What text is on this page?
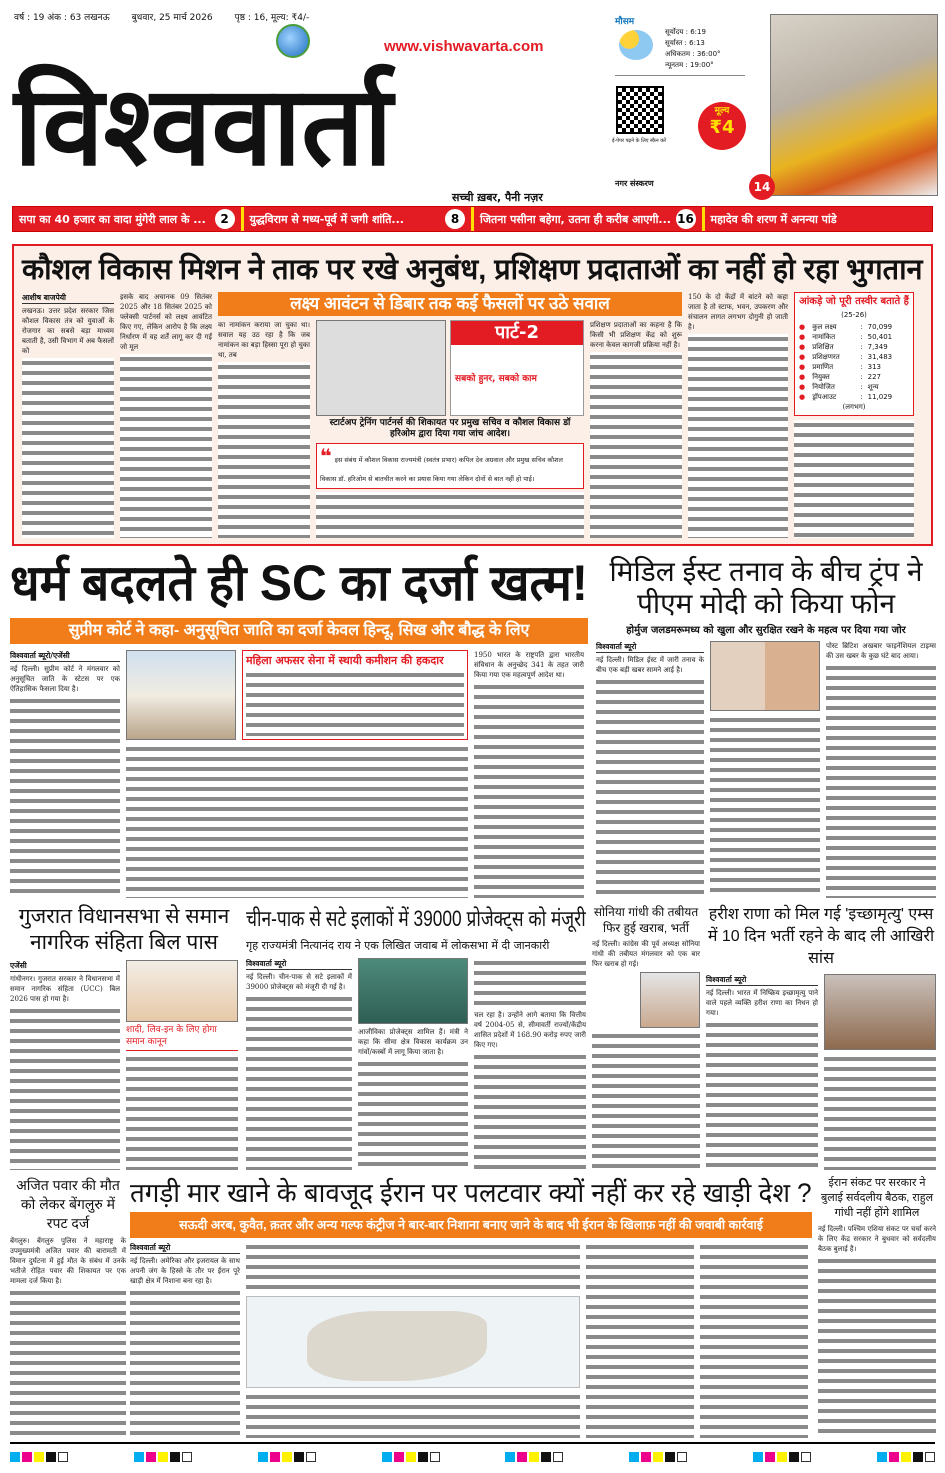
वर्ष : 19 अंक : 63 लखनऊ बुधवार, 25 मार्च 2026 पृष्ठ : 16, मूल्य: ₹4/-
www.vishwavarta.com
विश्ववार्ता
सच्ची ख़बर, पैनी नज़र
मौसम
सूर्योदय : 6:19
सूर्यास्त : 6:13
अधिकतम : 36:00°
न्यूनतम : 19:00°
ई-पेपर पढ़ने के लिए स्कैन करें
मूल्य
₹4
नगर संस्करण	14
सपा का 40 हजार का वादा मुंगेरी लाल के ...	2	युद्धविराम से मध्य-पूर्व में जगी शांति...	8	जितना पसीना बहेगा, उतना ही करीब आएगी... 16 महादेव की शरण में अनन्या पांडे
कौशल विकास मिशन ने ताक पर रखे अनुबंध, प्रशिक्षण प्रदाताओं का नहीं हो रहा भुगतान
आशीष बाजपेयी
लखनऊ। उत्तर प्रदेश सरकार जिस कौशल विकास तंत्र को युवाओं के रोजगार का सबसे बड़ा माध्यम बताती है, उसी विभाग में अब फैसलों को
इसके बाद अचानक 09 सितंबर 2025 और 18 सितंबर 2025 को फ्लेक्सी पार्टनर्स को लक्ष्य आवंटित किए गए, लेकिन आरोप है कि लक्ष्य निर्धारण में वह शर्तें लागू कर दी गईं जो मूल
लक्ष्य आवंटन से डिबार तक कई फैसलों पर उठे सवाल
का नामांकन कराया जा चुका था। सवाल यह उठ रहा है कि जब नामांकन का बड़ा हिस्सा पूरा हो चुका था, तब
पार्ट-2
सबको हुनर, सबको काम
स्टार्टअप ट्रेनिंग पार्टनर्स की शिकायत पर प्रमुख सचिव व कौशल विकास डॉ हरिओम द्वारा दिया गया जांच आदेश।
❝ इस संबंध में कौशल विकास राज्यमंत्री (स्वतंत्र प्रभार) कपिल देव अग्रवाल और प्रमुख सचिव कौशल विकास डॉ. हरिओम से बातचीत करने का प्रयास किया गया लेकिन दोनों से बात नहीं हो पाई।
प्रशिक्षण प्रदाताओं का कहना है कि किसी भी प्रशिक्षण केंद्र को शुरू करना केवल कागजी प्रक्रिया नहीं है।
150 के दो केंद्रों में बांटने को कहा जाता है तो स्टाफ, भवन, उपकरण और संचालन लागत लगभग दोगुनी हो जाती है।
आंकड़े जो पूरी तस्वीर बताते हैं
(25-26)
●	कुल लक्ष्य	:	70,099
●	नामांकित	:	50,401
●	प्रशिक्षित	:	7,349
●	प्रशिक्षणरत	:	31,483
●	प्रमाणित	:	313
●	नियुक्त	:	227
●	नियोजित	:	शून्य
●	ड्रॉपआउट	:	11,029
(लगभग)
धर्म बदलते ही SC का दर्जा खत्म!
सुप्रीम कोर्ट ने कहा- अनुसूचित जाति का दर्जा केवल हिन्दू, सिख और बौद्ध के लिए
विश्ववार्ता ब्यूरो/एजेंसी
नई दिल्ली। सुप्रीम कोर्ट ने मंगलवार को अनुसूचित जाति के स्टेटस पर एक ऐतिहासिक फैसला दिया है।
महिला अफसर सेना में स्थायी कमीशन की हकदार	1950 भारत के राष्ट्रपति द्वारा भारतीय संविधान के अनुच्छेद 341 के तहत जारी किया गया एक महत्वपूर्ण आदेश था।
मिडिल ईस्ट तनाव के बीच ट्रंप ने पीएम मोदी को किया फोन
होर्मुज जलडमरूमध्य को खुला और सुरक्षित रखने के महत्व पर दिया गया जोर
विश्ववार्ता ब्यूरो
नई दिल्ली। मिडिल ईस्ट में जारी तनाव के बीच एक बड़ी खबर सामने आई है।
पोस्ट ब्रिटिश अखबार फाइनेंशियल टाइम्स की उस खबर के कुछ घंटे बाद आया।
गुजरात विधानसभा से समान नागरिक संहिता बिल पास
एजेंसी
गांधीनगर। गुजरात सरकार ने विधानसभा में समान नागरिक संहिता (UCC) बिल 2026 पास हो गया है।
शादी, लिव-इन के लिए होगा समान कानून
चीन-पाक से सटे इलाकों में 39000 प्रोजेक्ट्स को मंजूरी
गृह राज्यमंत्री नित्यानंद राय ने एक लिखित जवाब में लोकसभा में दी जानकारी
विश्ववार्ता ब्यूरो
नई दिल्ली। चीन-पाक से सटे इलाकों में 39000 प्रोजेक्ट्स को मंजूरी दी गई है।
आजीविका प्रोजेक्ट्स शामिल हैं। मंत्री ने कहा कि सीमा क्षेत्र विकास कार्यक्रम उन गांवों/कस्बों में लागू किया जाता है।
चल रहा है। उन्होंने आगे बताया कि वित्तीय वर्ष 2004-05 से, सीमावर्ती राज्यों/केंद्रीय शासित प्रदेशों में 168.90 करोड़ रुपए जारी किए गए।
सोनिया गांधी की तबीयत फिर हुई खराब, भर्ती
नई दिल्ली। कांग्रेस की पूर्व अध्यक्ष सोनिया गांधी की तबीयत मंगलवार को एक बार फिर खराब हो गई।
हरीश राणा को मिल गई 'इच्छामृत्यु' एम्स में 10 दिन भर्ती रहने के बाद ली आखिरी सांस
विश्ववार्ता ब्यूरो
नई दिल्ली। भारत में निष्क्रिय इच्छामृत्यु पाने वाले पहले व्यक्ति हरीश राणा का निधन हो गया।
अजित पवार की मौत को लेकर बेंगलुरु में रपट दर्ज
बेंगलुरु। बेंगलुरु पुलिस ने महाराष्ट्र के उपमुख्यमंत्री अजित पवार की बारामती में विमान दुर्घटना में हुई मौत के संबंध में उनके भतीजे रोहित पवार की शिकायत पर एक मामला दर्ज किया है।
तगड़ी मार खाने के बावजूद ईरान पर पलटवार क्यों नहीं कर रहे खाड़ी देश ?
सऊदी अरब, कुवैत, क़तर और अन्य गल्फ कंट्रीज ने बार-बार निशाना बनाए जाने के बाद भी ईरान के खिलाफ़ नहीं की जवाबी कार्रवाई
विश्ववार्ता ब्यूरो
नई दिल्ली। अमेरिका और इजरायल के साथ अपनी जंग के हिस्से के तौर पर ईरान पूरे खाड़ी क्षेत्र में निशाना बना रहा है।
ईरान संकट पर सरकार ने बुलाई सर्वदलीय बैठक, राहुल गांधी नहीं होंगे शामिल
नई दिल्ली। पश्चिम एशिया संकट पर चर्चा करने के लिए केंद्र सरकार ने बुधवार को सर्वदलीय बैठक बुलाई है।
